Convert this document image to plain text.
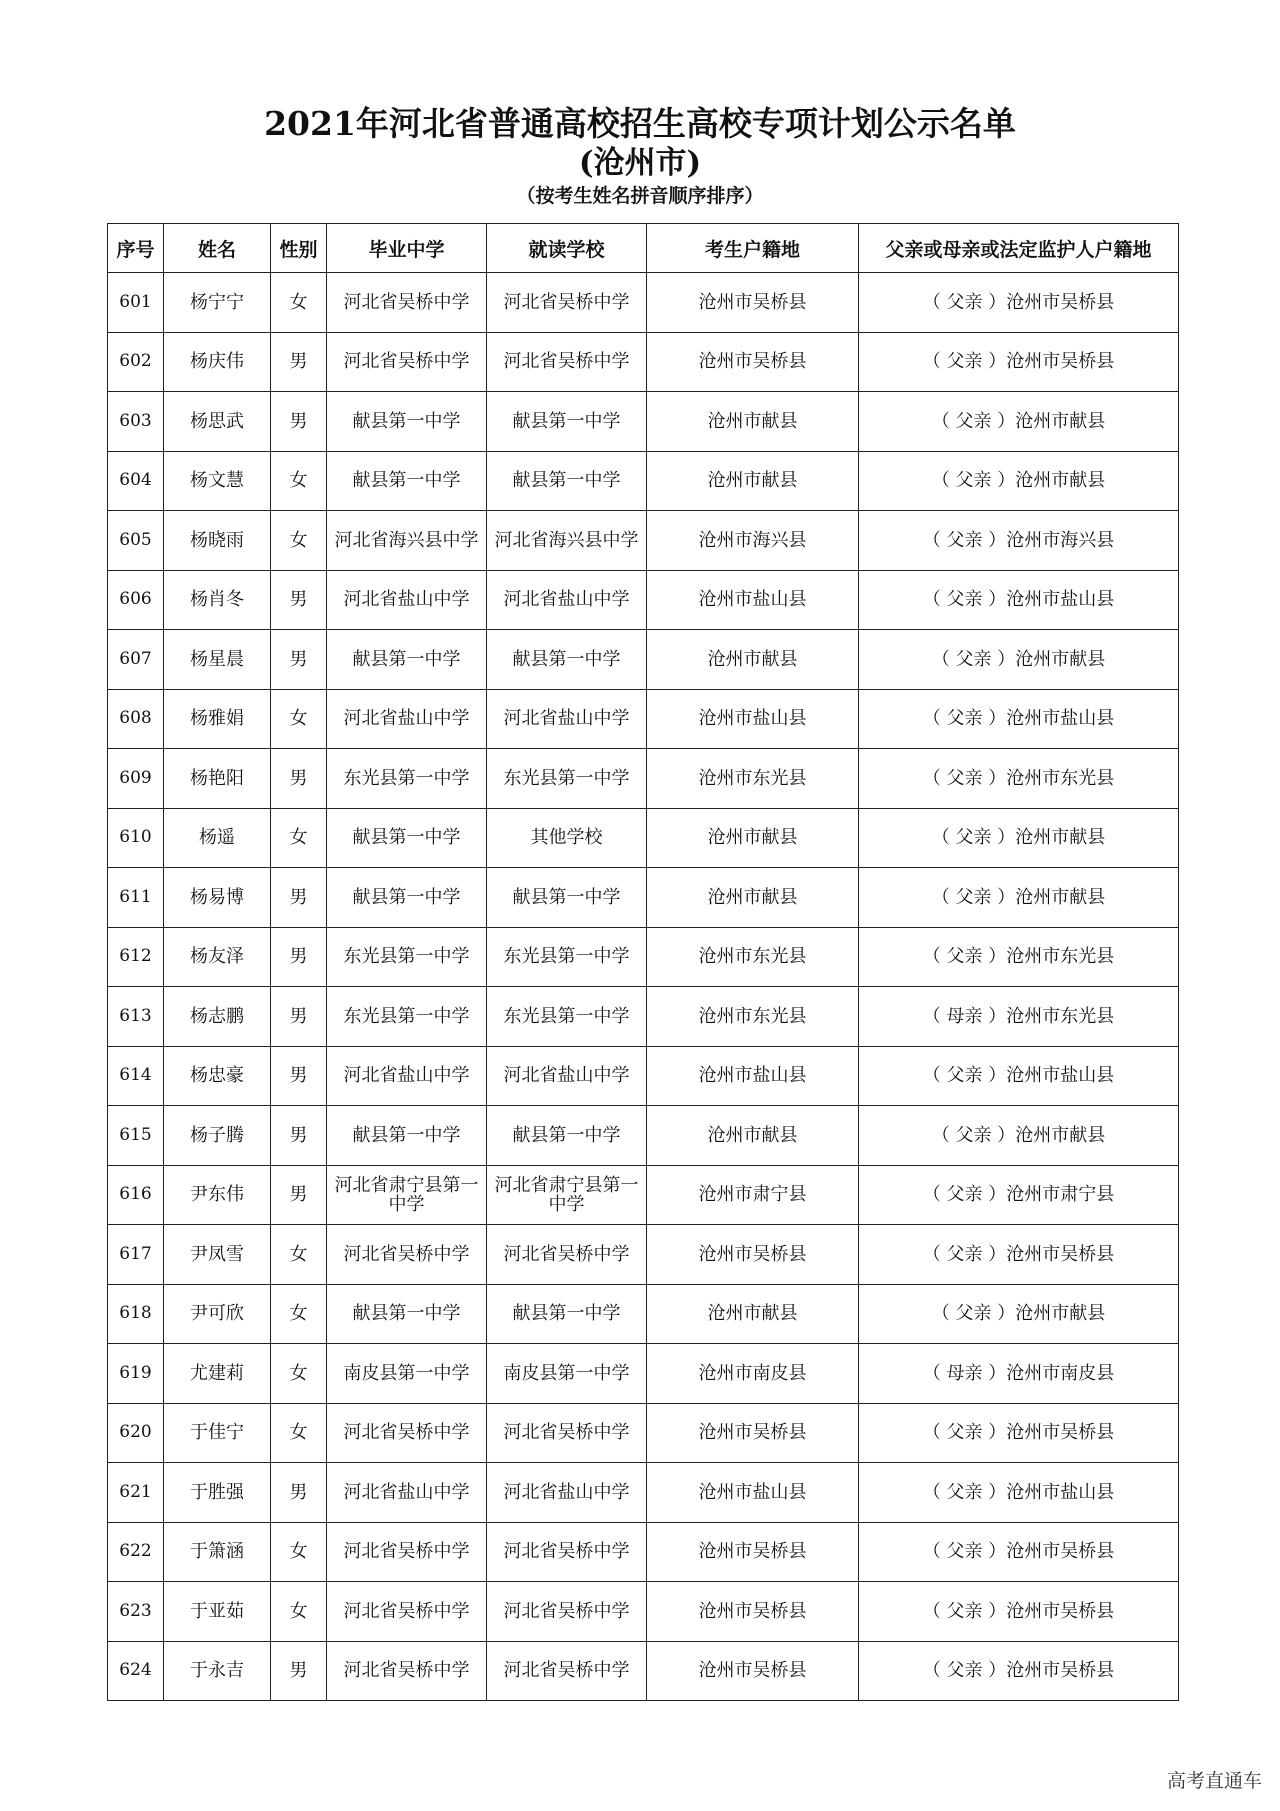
2021年河北省普通高校招生高校专项计划公示名单
(沧州市)
（按考生姓名拼音顺序排序）
序号	姓名	性别	毕业中学	就读学校	考生户籍地	父亲或母亲或法定监护人户籍地
601	杨宁宁	女	河北省吴桥中学	河北省吴桥中学	沧州市吴桥县	（ 父亲 ）沧州市吴桥县
602	杨庆伟	男	河北省吴桥中学	河北省吴桥中学	沧州市吴桥县	（ 父亲 ）沧州市吴桥县
603	杨思武	男	献县第一中学	献县第一中学	沧州市献县	（ 父亲 ）沧州市献县
604	杨文慧	女	献县第一中学	献县第一中学	沧州市献县	（ 父亲 ）沧州市献县
605	杨晓雨	女	河北省海兴县中学	河北省海兴县中学	沧州市海兴县	（ 父亲 ）沧州市海兴县
606	杨肖冬	男	河北省盐山中学	河北省盐山中学	沧州市盐山县	（ 父亲 ）沧州市盐山县
607	杨星晨	男	献县第一中学	献县第一中学	沧州市献县	（ 父亲 ）沧州市献县
608	杨雅娟	女	河北省盐山中学	河北省盐山中学	沧州市盐山县	（ 父亲 ）沧州市盐山县
609	杨艳阳	男	东光县第一中学	东光县第一中学	沧州市东光县	（ 父亲 ）沧州市东光县
610	杨遥	女	献县第一中学	其他学校	沧州市献县	（ 父亲 ）沧州市献县
611	杨易博	男	献县第一中学	献县第一中学	沧州市献县	（ 父亲 ）沧州市献县
612	杨友泽	男	东光县第一中学	东光县第一中学	沧州市东光县	（ 父亲 ）沧州市东光县
613	杨志鹏	男	东光县第一中学	东光县第一中学	沧州市东光县	（ 母亲 ）沧州市东光县
614	杨忠豪	男	河北省盐山中学	河北省盐山中学	沧州市盐山县	（ 父亲 ）沧州市盐山县
615	杨子腾	男	献县第一中学	献县第一中学	沧州市献县	（ 父亲 ）沧州市献县
616	尹东伟	男	河北省肃宁县第一中学	河北省肃宁县第一中学	沧州市肃宁县	（ 父亲 ）沧州市肃宁县
617	尹凤雪	女	河北省吴桥中学	河北省吴桥中学	沧州市吴桥县	（ 父亲 ）沧州市吴桥县
618	尹可欣	女	献县第一中学	献县第一中学	沧州市献县	（ 父亲 ）沧州市献县
619	尤建莉	女	南皮县第一中学	南皮县第一中学	沧州市南皮县	（ 母亲 ）沧州市南皮县
620	于佳宁	女	河北省吴桥中学	河北省吴桥中学	沧州市吴桥县	（ 父亲 ）沧州市吴桥县
621	于胜强	男	河北省盐山中学	河北省盐山中学	沧州市盐山县	（ 父亲 ）沧州市盐山县
622	于箫涵	女	河北省吴桥中学	河北省吴桥中学	沧州市吴桥县	（ 父亲 ）沧州市吴桥县
623	于亚茹	女	河北省吴桥中学	河北省吴桥中学	沧州市吴桥县	（ 父亲 ）沧州市吴桥县
624	于永吉	男	河北省吴桥中学	河北省吴桥中学	沧州市吴桥县	（ 父亲 ）沧州市吴桥县
高考直通车
